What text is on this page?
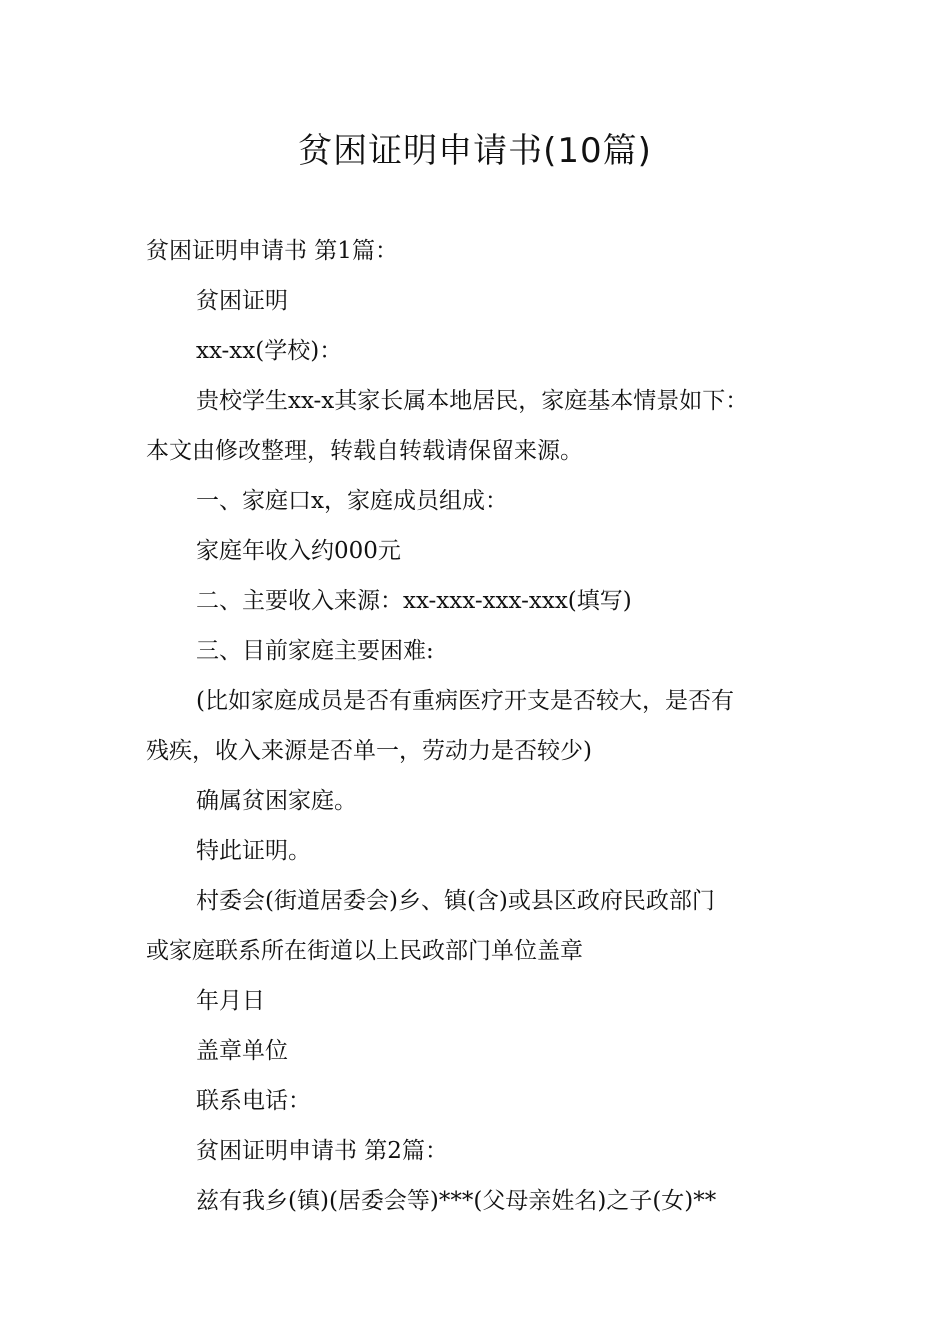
贫困证明申请书(10篇)
贫困证明申请书 第1篇：
贫困证明
xx-xx(学校)：
贵校学生xx-x其家长属本地居民，家庭基本情景如下：
本文由修改整理，转载自转载请保留来源。
一、家庭口x，家庭成员组成：
家庭年收入约000元
二、主要收入来源：xx-xxx-xxx-xxx(填写)
三、目前家庭主要困难:
(比如家庭成员是否有重病医疗开支是否较大，是否有
残疾，收入来源是否单一，劳动力是否较少)
确属贫困家庭。
特此证明。
村委会(街道居委会)乡、镇(含)或县区政府民政部门
或家庭联系所在街道以上民政部门单位盖章
年月日
盖章单位
联系电话：
贫困证明申请书 第2篇：
兹有我乡(镇)(居委会等)***(父母亲姓名)之子(女)**
